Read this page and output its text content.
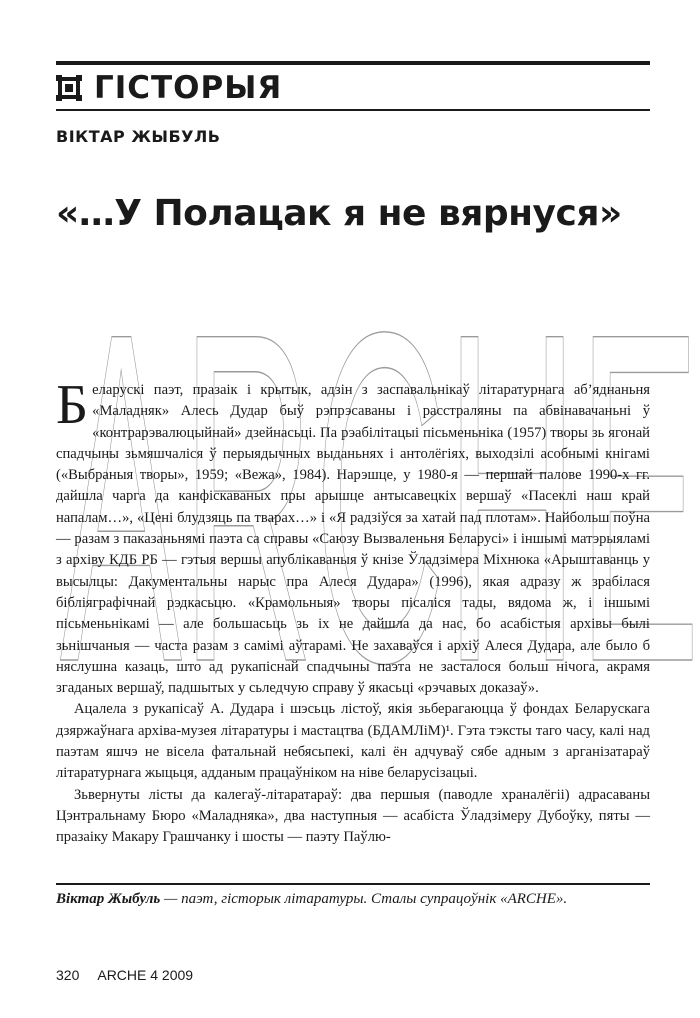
ГІСТОРЫЯ
ВІКТАР ЖЫБУЛЬ
«…У Полацак я не вярнуся»
ARCHE

Беларускі паэт, празаік і крытык, адзін з заспавальнікаў літаратурнага аб’яднаньня «Маладняк» Алесь Дудар быў рэпрэсаваны і расстраляны па абвінавачаньні ў «контрарэвалюцыйнай» дзейнасьці. Па рэабілітацыі пісьменьніка (1957) творы зь ягонай спадчыны зьмяшчаліся ў перыядычных выданьнях і антолёгіях, выходзілі асобнымі кнігамі («Выбраныя творы», 1959; «Вежа», 1984). Нарэшце, у 1980-я — першай палове 1990-х гг. дайшла чарга да канфіскаваных пры арышце антысавецкіх вершаў «Пасеклі наш край напалам…», «Цені блудзяць па тварах…» і «Я радзіўся за хатай пад плотам». Найбольш поўна — разам з паказаньнямі паэта са справы «Саюзу Вызваленьня Беларусі» і іншымі матэрыяламі з архіву КДБ РБ — гэтыя вершы апублікаваныя ў кнізе Ўладзімера Міхнюка «Арыштаванць у высылцы: Дакументальны нарыс пра Алеся Дудара» (1996), якая адразу ж зрабілася бібліяграфічнай рэдкасьцю. «Крамольныя» творы пісаліся тады, вядома ж, і іншымі пісьменьнікамі — але большасьць зь іх не дайшла да нас, бо асабістыя архівы былі зьнішчаныя — часта разам з самімі аўтарамі. Не захаваўся і архіў Алеся Дудара, але было б няслушна казаць, што ад рукапіснай спадчыны паэта не засталося больш нічога, акрамя згаданых вершаў, падшытых у сьледчую справу ў якасьці «рэчавых доказаў».

Ацалела з рукапісаў А. Дудара і шэсьць лістоў, якія зьберагаюцца ў фондах Беларускага дзяржаўнага архіва-музея літаратуры і мастацтва (БДАМЛіМ)¹. Гэта тэксты таго часу, калі над паэтам яшчэ не вісела фатальнай небясьпекі, калі ён адчуваў сябе адным з арганізатараў літаратурнага жыцьця, адданым працаўніком на ніве беларусізацыі.

Зьвернуты лісты да калегаў-літаратараў: два першыя (паводле храналёгіі) адрасаваны Цэнтральнаму Бюро «Маладняка», два наступныя — асабіста Ўладзімеру Дубоўку, пяты — празаіку Макару Грашчанку і шосты — паэту Паўлю-

Віктар Жыбуль — паэт, гісторык літаратуры. Сталы супрацоўнік «ARCHE».
320 ARCHE 4 2009
